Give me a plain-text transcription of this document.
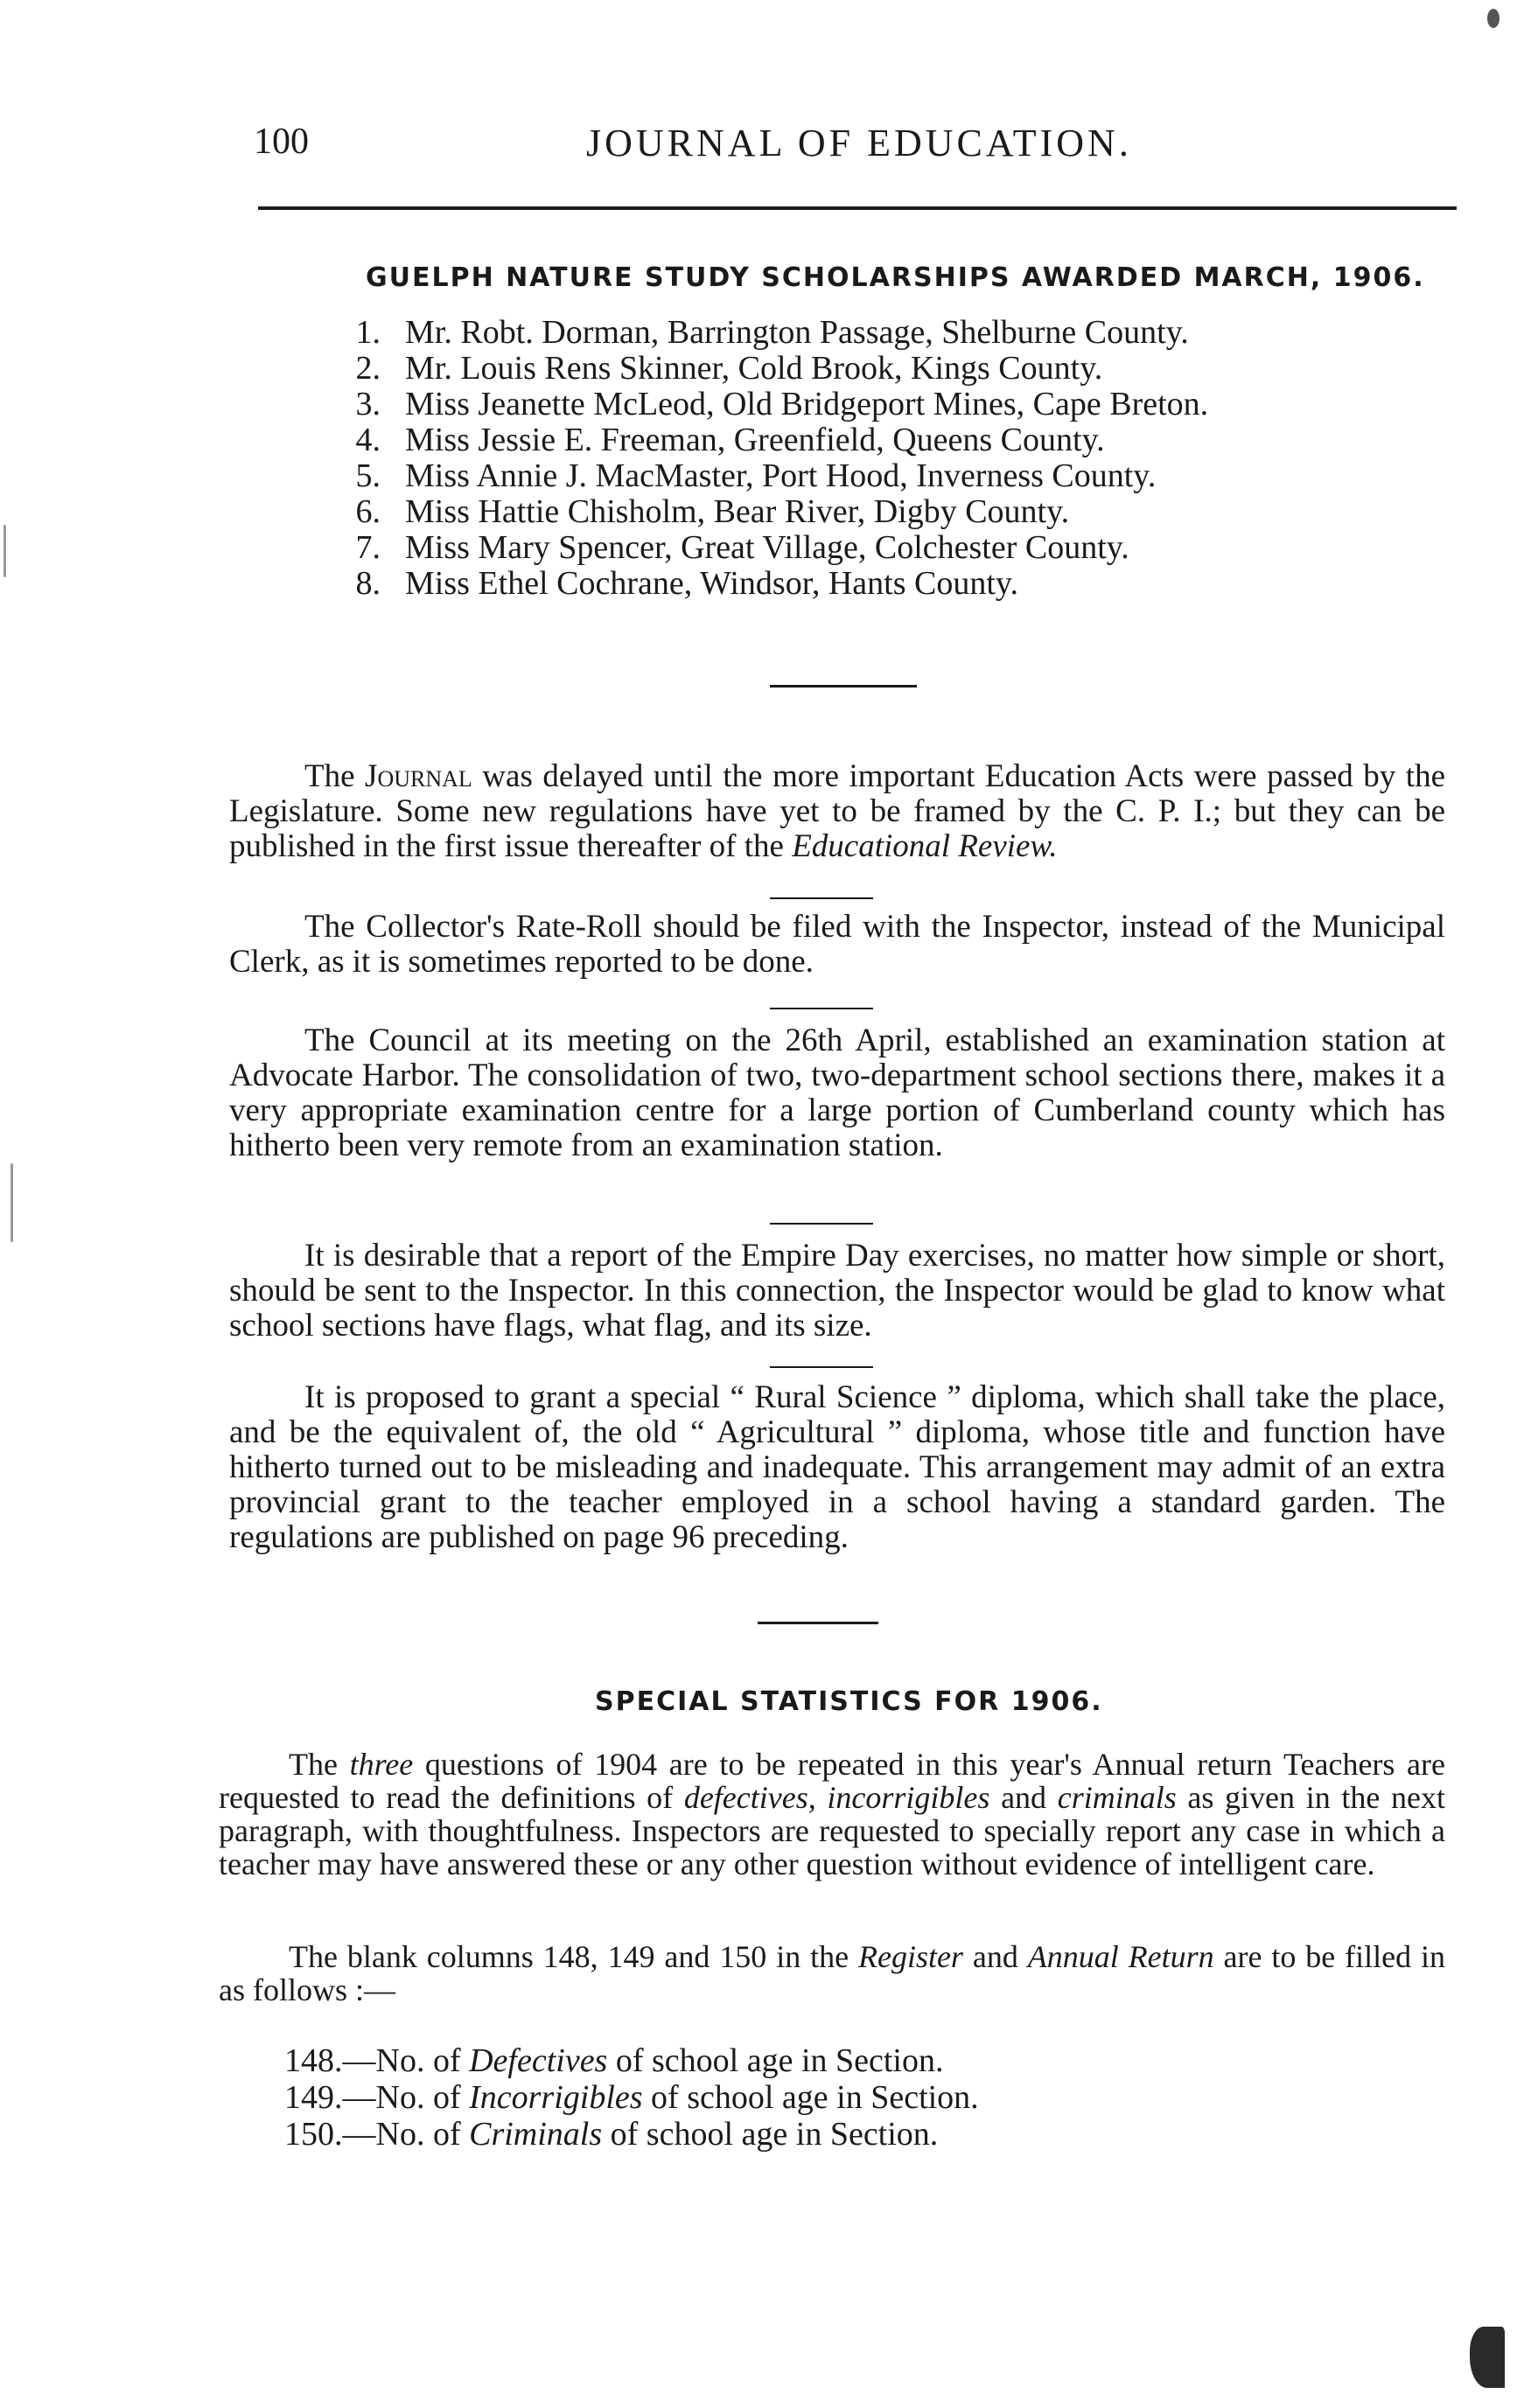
100	JOURNAL OF EDUCATION.
GUELPH NATURE STUDY SCHOLARSHIPS AWARDED MARCH, 1906.
1. Mr. Robt. Dorman, Barrington Passage, Shelburne County.
2. Mr. Louis Rens Skinner, Cold Brook, Kings County.
3. Miss Jeanette McLeod, Old Bridgeport Mines, Cape Breton.
4. Miss Jessie E. Freeman, Greenfield, Queens County.
5. Miss Annie J. MacMaster, Port Hood, Inverness County.
6. Miss Hattie Chisholm, Bear River, Digby County.
7. Miss Mary Spencer, Great Village, Colchester County.
8. Miss Ethel Cochrane, Windsor, Hants County.
The Journal was delayed until the more important Education Acts were passed by the Legislature. Some new regulations have yet to be framed by the C. P. I.; but they can be published in the first issue thereafter of the Educational Review.
The Collector's Rate-Roll should be filed with the Inspector, instead of the Municipal Clerk, as it is sometimes reported to be done.
The Council at its meeting on the 26th April, established an examination station at Advocate Harbor. The consolidation of two, two-department school sections there, makes it a very appropriate examination centre for a large portion of Cumberland county which has hitherto been very remote from an examination station.
It is desirable that a report of the Empire Day exercises, no matter how simple or short, should be sent to the Inspector. In this connection, the Inspector would be glad to know what school sections have flags, what flag, and its size.
It is proposed to grant a special “ Rural Science ” diploma, which shall take the place, and be the equivalent of, the old “ Agricultural ” diploma, whose title and function have hitherto turned out to be misleading and inadequate. This arrangement may admit of an extra provincial grant to the teacher employed in a school having a standard garden. The regulations are published on page 96 preceding.
SPECIAL STATISTICS FOR 1906.
The three questions of 1904 are to be repeated in this year's Annual return Teachers are requested to read the definitions of defectives, incorrigibles and criminals as given in the next paragraph, with thoughtfulness. Inspectors are requested to specially report any case in which a teacher may have answered these or any other question without evidence of intelligent care.
The blank columns 148, 149 and 150 in the Register and Annual Return are to be filled in as follows :—
148.—No. of Defectives of school age in Section.
149.—No. of Incorrigibles of school age in Section.
150.—No. of Criminals of school age in Section.
